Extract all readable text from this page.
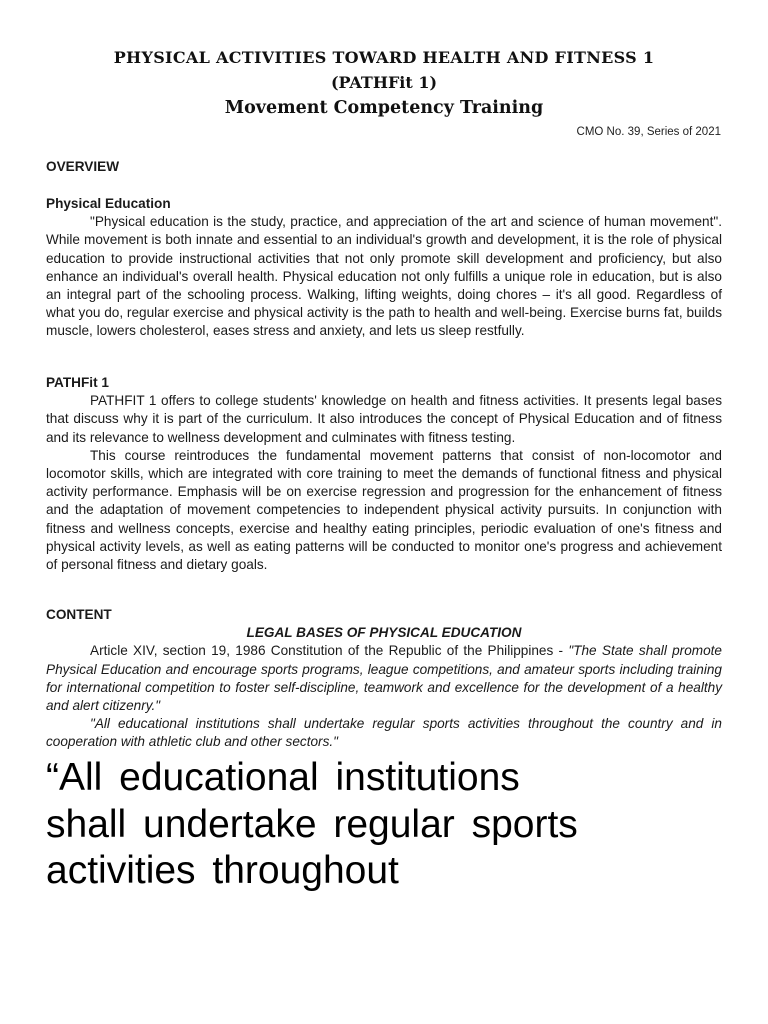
PHYSICAL ACTIVITIES TOWARD HEALTH AND FITNESS 1
(PATHFit 1)
Movement Competency Training
CMO No. 39, Series of 2021
OVERVIEW
Physical Education

"Physical education is the study, practice, and appreciation of the art and science of human movement". While movement is both innate and essential to an individual's growth and development, it is the role of physical education to provide instructional activities that not only promote skill development and proficiency, but also enhance an individual's overall health. Physical education not only fulfills a unique role in education, but is also an integral part of the schooling process. Walking, lifting weights, doing chores – it's all good. Regardless of what you do, regular exercise and physical activity is the path to health and well-being. Exercise burns fat, builds muscle, lowers cholesterol, eases stress and anxiety, and lets us sleep restfully.

PATHFit 1

PATHFIT 1 offers to college students' knowledge on health and fitness activities. It presents legal bases that discuss why it is part of the curriculum. It also introduces the concept of Physical Education and of fitness and its relevance to wellness development and culminates with fitness testing.

This course reintroduces the fundamental movement patterns that consist of non-locomotor and locomotor skills, which are integrated with core training to meet the demands of functional fitness and physical activity performance. Emphasis will be on exercise regression and progression for the enhancement of fitness and the adaptation of movement competencies to independent physical activity pursuits. In conjunction with fitness and wellness concepts, exercise and healthy eating principles, periodic evaluation of one's fitness and physical activity levels, as well as eating patterns will be conducted to monitor one's progress and achievement of personal fitness and dietary goals.

CONTENT
LEGAL BASES OF PHYSICAL EDUCATION

Article XIV, section 19, 1986 Constitution of the Republic of the Philippines - "The State shall promote Physical Education and encourage sports programs, league competitions, and amateur sports including training for international competition to foster self-discipline, teamwork and excellence for the development of a healthy and alert citizenry."

"All educational institutions shall undertake regular sports activities throughout the country and in cooperation with athletic club and other sectors."

“All educational institutions
shall undertake regular sports
activities throughout
